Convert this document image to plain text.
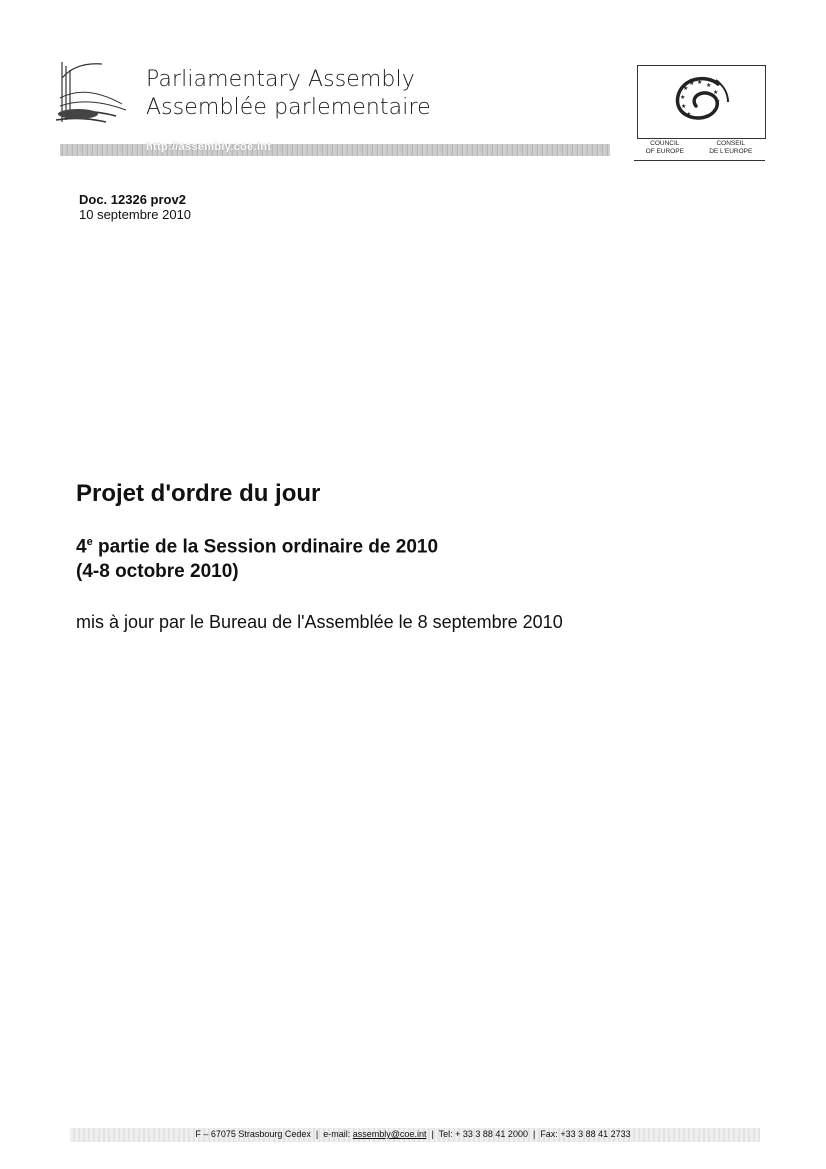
Parliamentary Assembly
Assemblée parlementaire
http://assembly.coe.int
★ ★
★
★
★
★
★
★
★
★
★
★
COUNCIL
OF EUROPE
CONSEIL
DE L'EUROPE
Doc. 12326 prov2
10 septembre 2010
Projet d'ordre du jour
4e partie de la Session ordinaire de 2010
(4-8 octobre 2010)
mis à jour par le Bureau de l'Assemblée le 8 septembre 2010
F – 67075 Strasbourg Cedex  |  e-mail: assembly@coe.int  |  Tel: + 33 3 88 41 2000  |  Fax: +33 3 88 41 2733
